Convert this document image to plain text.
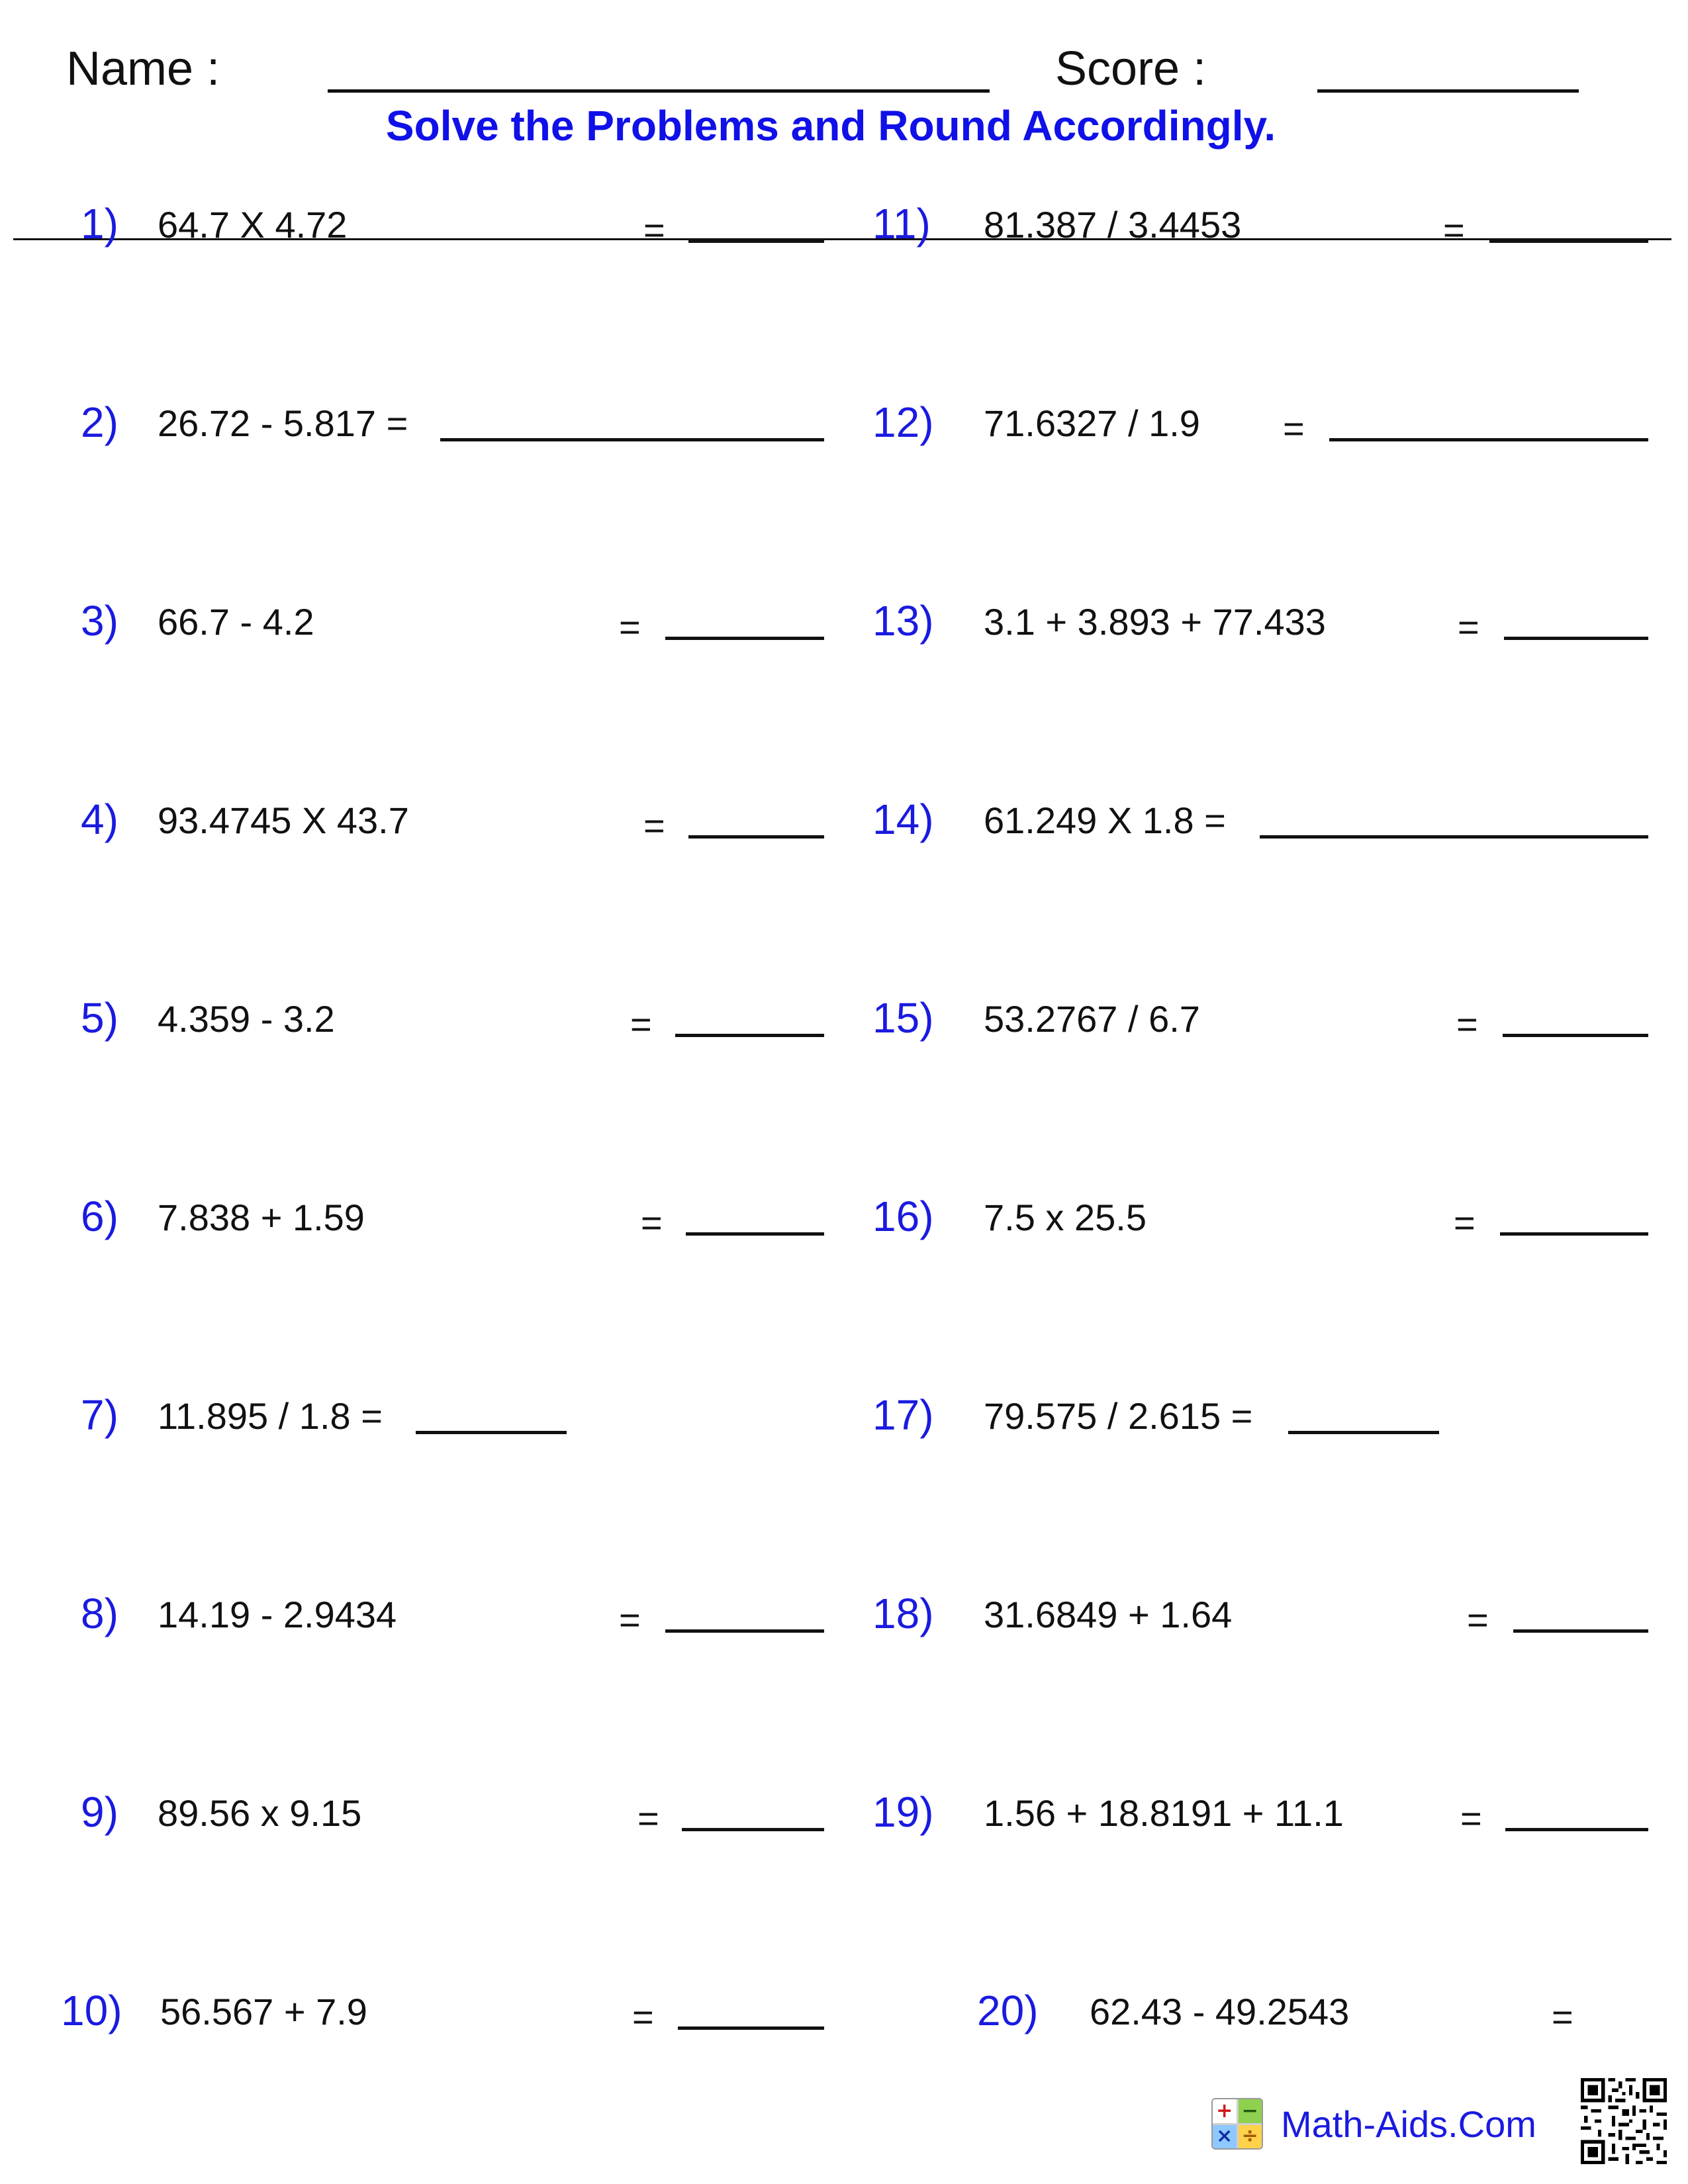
Name :	Score :
Solve the Problems and Round Accordingly.
1) 64.7 X 4.72	=
2) 26.72 - 5.817 =
3) 66.7 - 4.2	=
4) 93.4745 X 43.7	=
5) 4.359 - 3.2	=
6) 7.838 + 1.59	=
7) 11.895 / 1.8 =
8) 14.19 - 2.9434	=
9) 89.56 x 9.15	=
10) 56.567 + 7.9	=
11) 81.387 / 3.4453	=
12) 71.6327 / 1.9 =
13) 3.1 + 3.893 + 77.433	=
14) 61.249 X 1.8 =
15) 53.2767 / 6.7	=
16) 7.5 x 25.5	=
17) 79.575 / 2.615 =
18) 31.6849 + 1.64	=
19) 1.56 + 18.8191 + 11.1	=
20) 62.43 - 49.2543	=
+ −
× ÷ Math-Aids.Com
